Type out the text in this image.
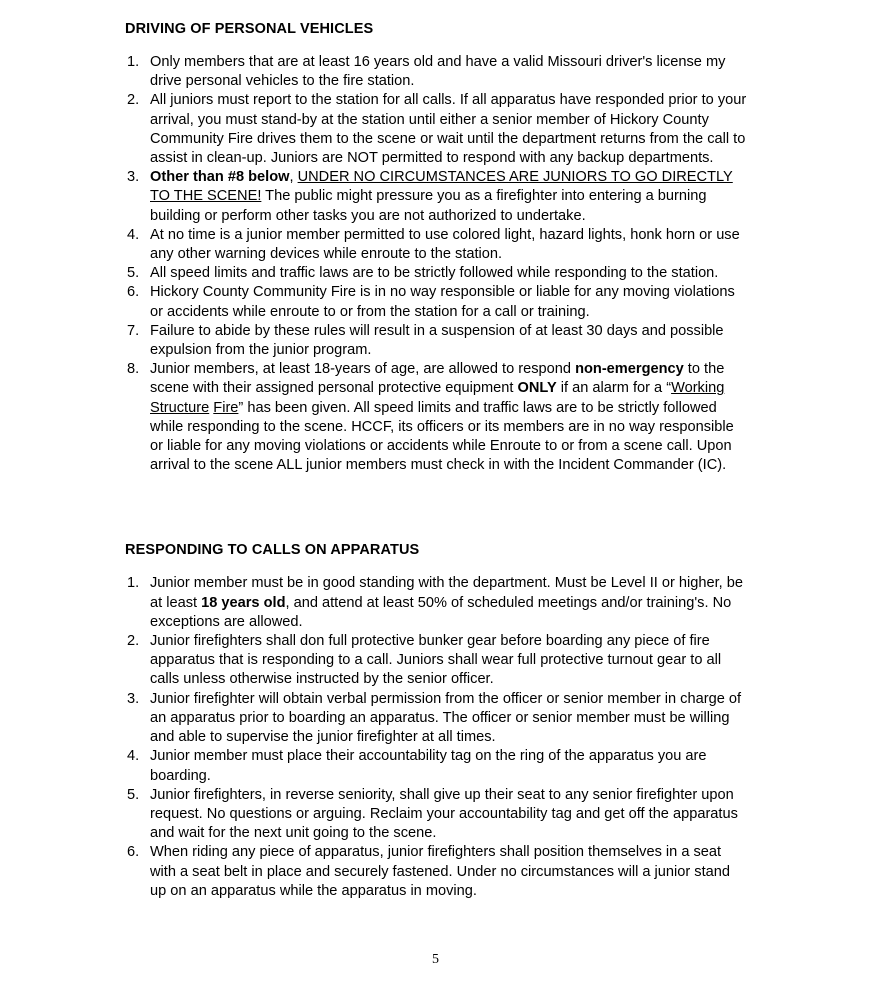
DRIVING OF PERSONAL VEHICLES
1. Only members that are at least 16 years old and have a valid Missouri driver's license my drive personal vehicles to the fire station.
2. All juniors must report to the station for all calls. If all apparatus have responded prior to your arrival, you must stand-by at the station until either a senior member of Hickory County Community Fire drives them to the scene or wait until the department returns from the call to assist in clean-up. Juniors are NOT permitted to respond with any backup departments.
3. Other than #8 below, UNDER NO CIRCUMSTANCES ARE JUNIORS TO GO DIRECTLY TO THE SCENE! The public might pressure you as a firefighter into entering a burning building or perform other tasks you are not authorized to undertake.
4. At no time is a junior member permitted to use colored light, hazard lights, honk horn or use any other warning devices while enroute to the station.
5. All speed limits and traffic laws are to be strictly followed while responding to the station.
6. Hickory County Community Fire is in no way responsible or liable for any moving violations or accidents while enroute to or from the station for a call or training.
7. Failure to abide by these rules will result in a suspension of at least 30 days and possible expulsion from the junior program.
8. Junior members, at least 18-years of age, are allowed to respond non-emergency to the scene with their assigned personal protective equipment ONLY if an alarm for a “Working Structure Fire” has been given. All speed limits and traffic laws are to be strictly followed while responding to the scene. HCCF, its officers or its members are in no way responsible or liable for any moving violations or accidents while Enroute to or from a scene call. Upon arrival to the scene ALL junior members must check in with the Incident Commander (IC).
RESPONDING TO CALLS ON APPARATUS
1. Junior member must be in good standing with the department. Must be Level II or higher, be at least 18 years old, and attend at least 50% of scheduled meetings and/or training's. No exceptions are allowed.
2. Junior firefighters shall don full protective bunker gear before boarding any piece of fire apparatus that is responding to a call. Juniors shall wear full protective turnout gear to all calls unless otherwise instructed by the senior officer.
3. Junior firefighter will obtain verbal permission from the officer or senior member in charge of an apparatus prior to boarding an apparatus. The officer or senior member must be willing and able to supervise the junior firefighter at all times.
4. Junior member must place their accountability tag on the ring of the apparatus you are boarding.
5. Junior firefighters, in reverse seniority, shall give up their seat to any senior firefighter upon request. No questions or arguing. Reclaim your accountability tag and get off the apparatus and wait for the next unit going to the scene.
6. When riding any piece of apparatus, junior firefighters shall position themselves in a seat with a seat belt in place and securely fastened. Under no circumstances will a junior stand up on an apparatus while the apparatus in moving.
5
